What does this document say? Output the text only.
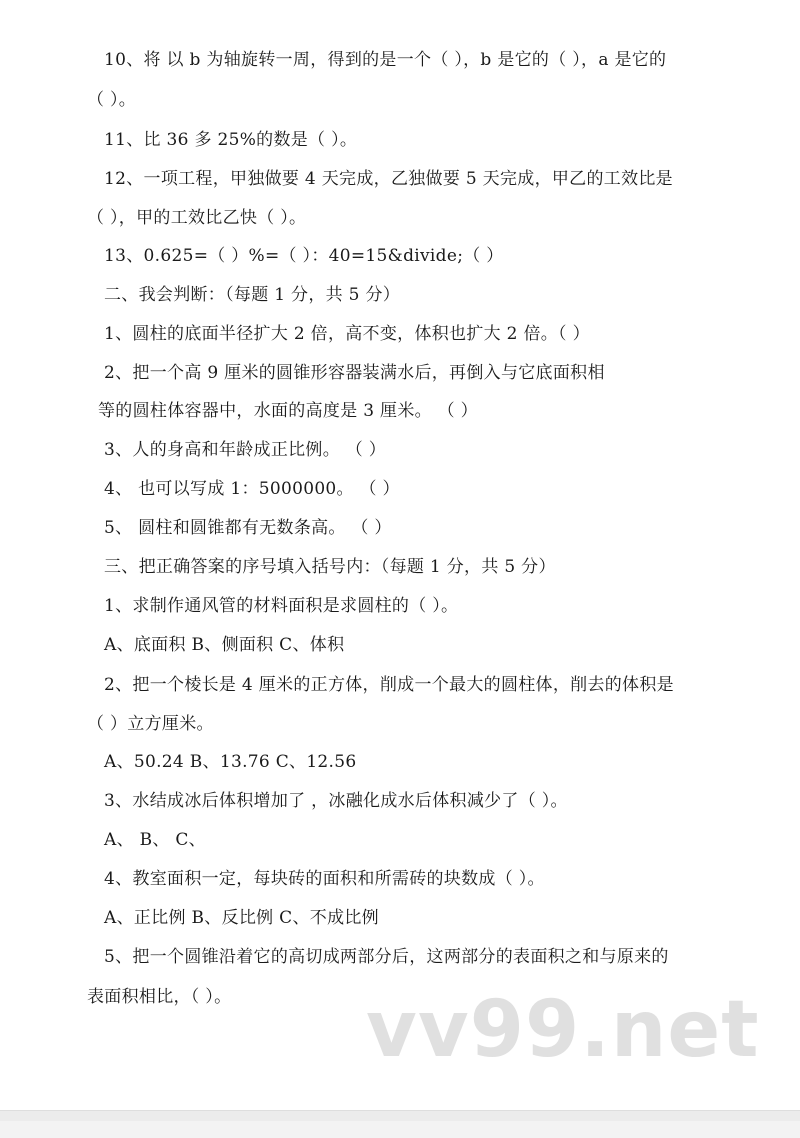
10、将 以 b 为轴旋转一周，得到的是一个（ ），b 是它的（ ），a 是它的
（ ）。
11、比 36 多 25%的数是（ ）。
12、一项工程，甲独做要 4 天完成，乙独做要 5 天完成，甲乙的工效比是
（ ），甲的工效比乙快（ ）。
13、0.625=（ ）%=（ ）：40=15&divide;（ ）
二、我会判断：（每题 1 分，共 5 分）
1、圆柱的底面半径扩大 2 倍，高不变，体积也扩大 2 倍。（ ）
2、把一个高 9 厘米的圆锥形容器装满水后，再倒入与它底面积相
等的圆柱体容器中，水面的高度是 3 厘米。 （ ）
3、人的身高和年龄成正比例。 （ ）
4、 也可以写成 1：5000000。 （ ）
5、 圆柱和圆锥都有无数条高。 （ ）
三、把正确答案的序号填入括号内：（每题 1 分，共 5 分）
1、求制作通风管的材料面积是求圆柱的（ ）。
A、底面积 B、侧面积 C、体积
2、把一个棱长是 4 厘米的正方体，削成一个最大的圆柱体，削去的体积是
（ ）立方厘米。
A、50.24 B、13.76 C、12.56
3、水结成冰后体积增加了 ，冰融化成水后体积减少了（ ）。
A、 B、 C、
4、教室面积一定，每块砖的面积和所需砖的块数成（ ）。
A、正比例 B、反比例 C、不成比例
5、把一个圆锥沿着它的高切成两部分后，这两部分的表面积之和与原来的
表面积相比，（ ）。 vv99.net
